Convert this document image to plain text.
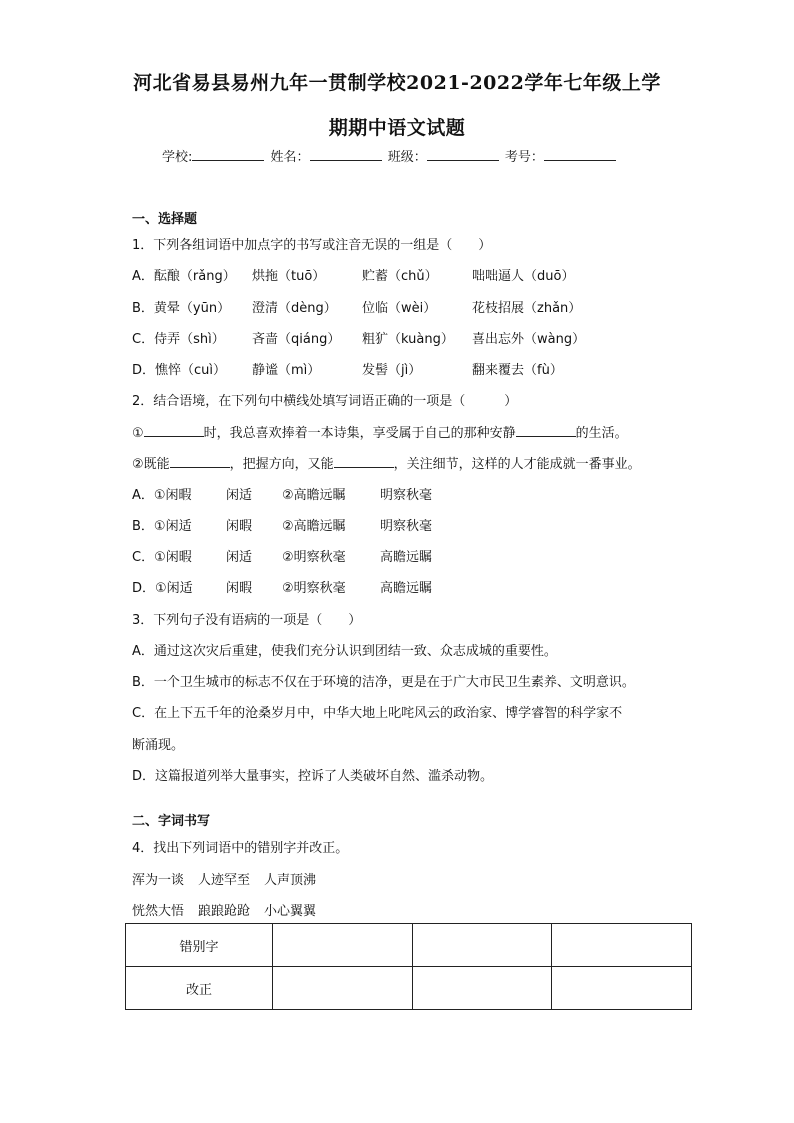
河北省易县易州九年一贯制学校2021-2022学年七年级上学
期期中语文试题
学校:	姓名：	班级：	考号：
一、选择题
1．下列各组词语中加点字的书写或注音无误的一组是（　　）
A．酝酿（rǎng） 烘拖（tuō）	贮蓄（chǔ）	咄咄逼人（duō）
B．黄晕（yūn） 澄清（dèng） 位临（wèi）	花枝招展（zhǎn）
C．侍弄（shì） 吝啬（qiáng） 粗犷（kuàng） 喜出忘外（wàng）
D．憔悴（cuì） 静谧（mì）	发髻（jì）	翻来覆去（fù）
2．结合语境，在下列句中横线处填写词语正确的一项是（　　　）
①	时，我总喜欢捧着一本诗集，享受属于自己的那种安静	的生活。
②既能	，把握方向，又能	，关注细节，这样的人才能成就一番事业。
A．①闲暇	闲适 ②高瞻远瞩	明察秋毫
B．①闲适	闲暇 ②高瞻远瞩	明察秋毫
C．①闲暇	闲适 ②明察秋毫	高瞻远瞩
D．①闲适	闲暇 ②明察秋毫	高瞻远瞩
3．下列句子没有语病的一项是（　　）
A．通过这次灾后重建，使我们充分认识到团结一致、众志成城的重要性。
B．一个卫生城市的标志不仅在于环境的洁净，更是在于广大市民卫生素养、文明意识。
C．在上下五千年的沧桑岁月中，中华大地上叱咤风云的政治家、博学睿智的科学家不
断涌现。
D．这篇报道列举大量事实，控诉了人类破坏自然、滥杀动物。
二、字词书写
4．找出下列词语中的错别字并改正。
浑为一谈 人迹罕至 人声顶沸
恍然大悟 踉踉跄跄 小心翼翼
错别字			
改正			
